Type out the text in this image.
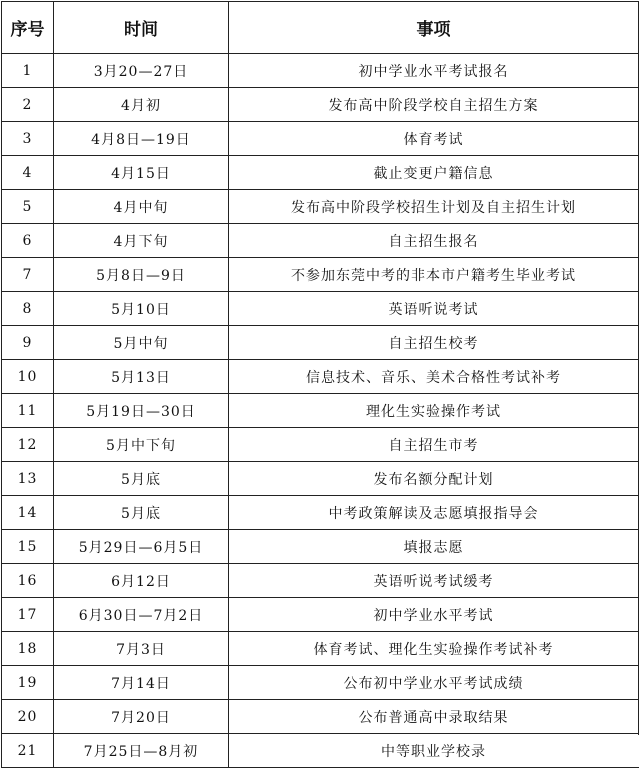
序号	时间	事项
1	3月20—27日	初中学业水平考试报名
2	4月初	发布高中阶段学校自主招生方案
3	4月8日—19日	体育考试
4	4月15日	截止变更户籍信息
5	4月中旬	发布高中阶段学校招生计划及自主招生计划
6	4月下旬	自主招生报名
7	5月8日—9日	不参加东莞中考的非本市户籍考生毕业考试
8	5月10日	英语听说考试
9	5月中旬	自主招生校考
10	5月13日	信息技术、音乐、美术合格性考试补考
11	5月19日—30日	理化生实验操作考试
12	5月中下旬	自主招生市考
13	5月底	发布名额分配计划
14	5月底	中考政策解读及志愿填报指导会
15	5月29日—6月5日	填报志愿
16	6月12日	英语听说考试缓考
17	6月30日—7月2日	初中学业水平考试
18	7月3日	体育考试、理化生实验操作考试补考
19	7月14日	公布初中学业水平考试成绩
20	7月20日	公布普通高中录取结果
21	7月25日—8月初	中等职业学校录
